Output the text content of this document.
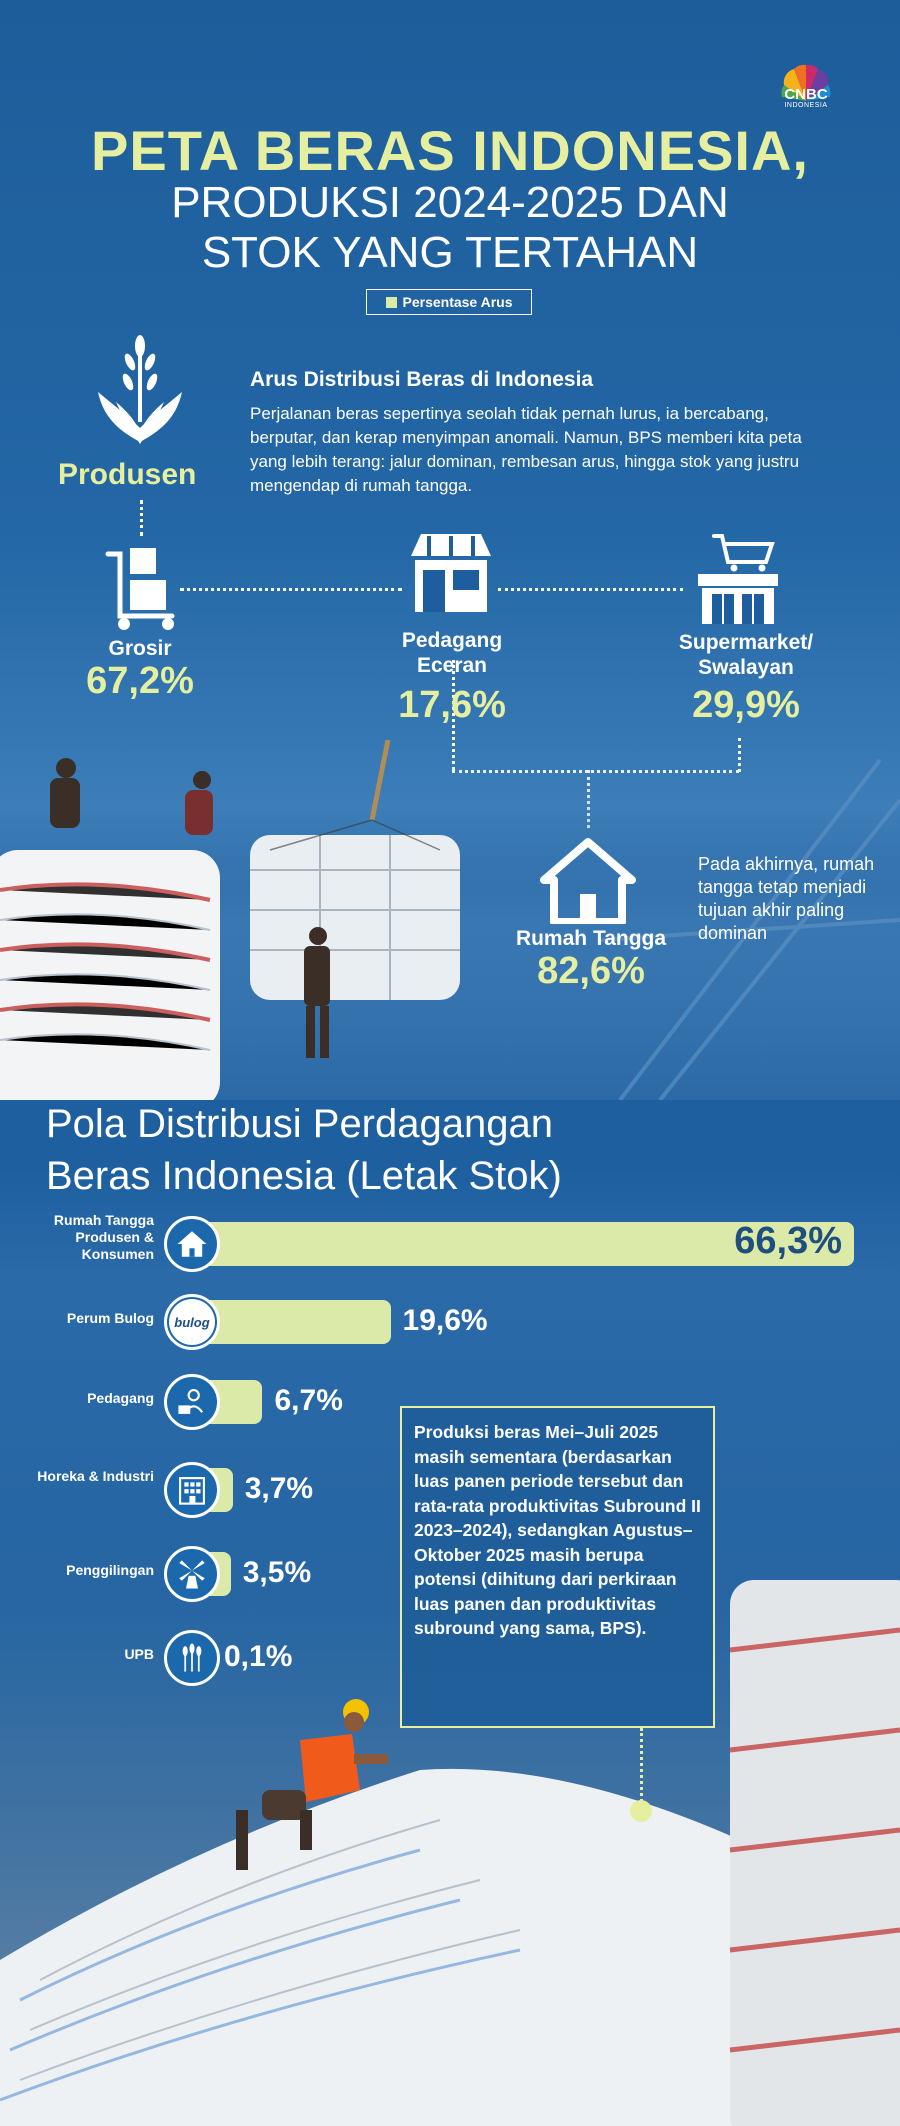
CNBC
INDONESIA
PETA BERAS INDONESIA,
PRODUKSI 2024-2025 DAN
STOK YANG TERTAHAN
Persentase Arus
Produsen
Arus Distribusi Beras di Indonesia
Perjalanan beras sepertinya seolah tidak pernah lurus, ia bercabang, berputar, dan kerap menyimpan anomali. Namun, BPS memberi kita peta yang lebih terang: jalur dominan, rembesan arus, hingga stok yang justru mengendap di rumah tangga.
Grosir
67,2%
Pedagang
Eceran
17,6%
Supermarket/
Swalayan
29,9%
Rumah Tangga
82,6%
Pada akhirnya, rumah tangga tetap menjadi tujuan akhir paling dominan
Pola Distribusi Perdagangan
Beras Indonesia (Letak Stok)
Rumah Tangga Produsen & Konsumen	66,3%
Perum Bulog	bulog	19,6%
Pedagang	6,7%
Horeka & Industri	3,7%
Penggilingan	3,5%
UPB 0,1%
Produksi beras Mei–Juli 2025 masih sementara (berdasarkan luas panen periode tersebut dan rata-rata produktivitas Subround II 2023–2024), sedangkan Agustus–Oktober 2025 masih berupa potensi (dihitung dari perkiraan luas panen dan produktivitas subround yang sama, BPS).
